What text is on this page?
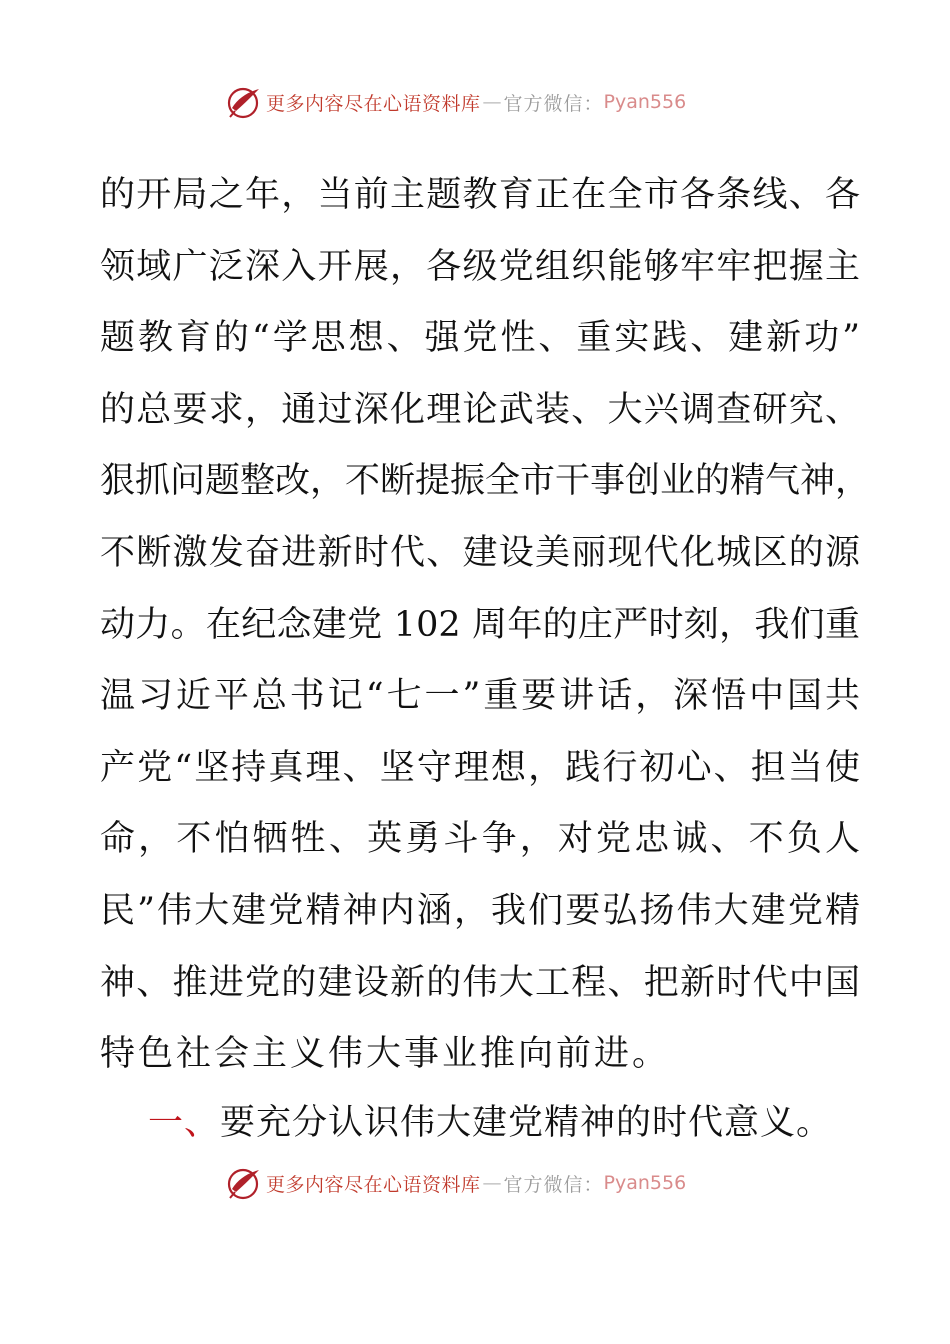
更多内容尽在心语资料库 — 官方微信： Pyan556
的开局之年，当前主题教育正在全市各条线、各
领域广泛深入开展，各级党组织能够牢牢把握主
题教育的“学思想、强党性、重实践、建新功”
的总要求，通过深化理论武装、大兴调查研究、
狠抓问题整改，不断提振全市干事创业的精气神，
不断激发奋进新时代、建设美丽现代化城区的源
动力。在纪念建党 102 周年的庄严时刻，我们重
温习近平总书记“七一”重要讲话，深悟中国共
产党“坚持真理、坚守理想，践行初心、担当使
命，不怕牺牲、英勇斗争，对党忠诚、不负人
民”伟大建党精神内涵，我们要弘扬伟大建党精
神、推进党的建设新的伟大工程、把新时代中国
特色社会主义伟大事业推向前进。
一、要充分认识伟大建党精神的时代意义。
更多内容尽在心语资料库 — 官方微信： Pyan556
